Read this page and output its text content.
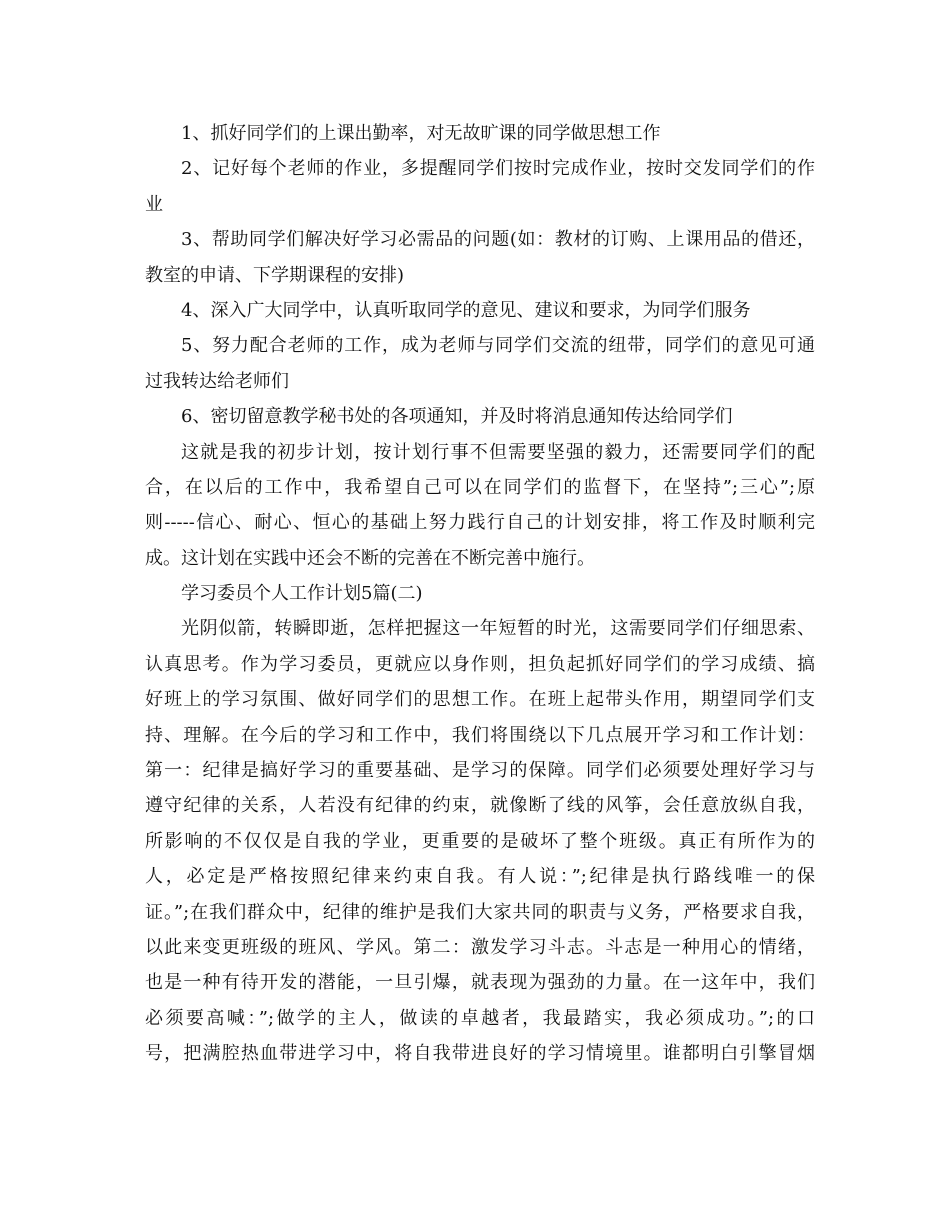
1、抓好同学们的上课出勤率，对无故旷课的同学做思想工作
2、记好每个老师的作业，多提醒同学们按时完成作业，按时交发同学们的作
业
3、帮助同学们解决好学习必需品的问题(如：教材的订购、上课用品的借还，
教室的申请、下学期课程的安排)
4、深入广大同学中，认真听取同学的意见、建议和要求，为同学们服务
5、努力配合老师的工作，成为老师与同学们交流的纽带，同学们的意见可通
过我转达给老师们
6、密切留意教学秘书处的各项通知，并及时将消息通知传达给同学们
这就是我的初步计划，按计划行事不但需要坚强的毅力，还需要同学们的配
合，在以后的工作中，我希望自己可以在同学们的监督下，在坚持”;三心”;原
则-----信心、耐心、恒心的基础上努力践行自己的计划安排，将工作及时顺利完
成。这计划在实践中还会不断的完善在不断完善中施行。
学习委员个人工作计划5篇(二)
光阴似箭，转瞬即逝，怎样把握这一年短暂的时光，这需要同学们仔细思索、
认真思考。作为学习委员，更就应以身作则，担负起抓好同学们的学习成绩、搞
好班上的学习氛围、做好同学们的思想工作。在班上起带头作用，期望同学们支
持、理解。在今后的学习和工作中，我们将围绕以下几点展开学习和工作计划：
第一：纪律是搞好学习的重要基础、是学习的保障。同学们必须要处理好学习与
遵守纪律的关系，人若没有纪律的约束，就像断了线的风筝，会任意放纵自我，
所影响的不仅仅是自我的学业，更重要的是破坏了整个班级。真正有所作为的
人，必定是严格按照纪律来约束自我。有人说：”;纪律是执行路线唯一的保
证。”;在我们群众中，纪律的维护是我们大家共同的职责与义务，严格要求自我，
以此来变更班级的班风、学风。第二：激发学习斗志。斗志是一种用心的情绪，
也是一种有待开发的潜能，一旦引爆，就表现为强劲的力量。在一这年中，我们
必须要高喊：”;做学的主人，做读的卓越者，我最踏实，我必须成功。”;的口
号，把满腔热血带进学习中，将自我带进良好的学习情境里。谁都明白引擎冒烟
